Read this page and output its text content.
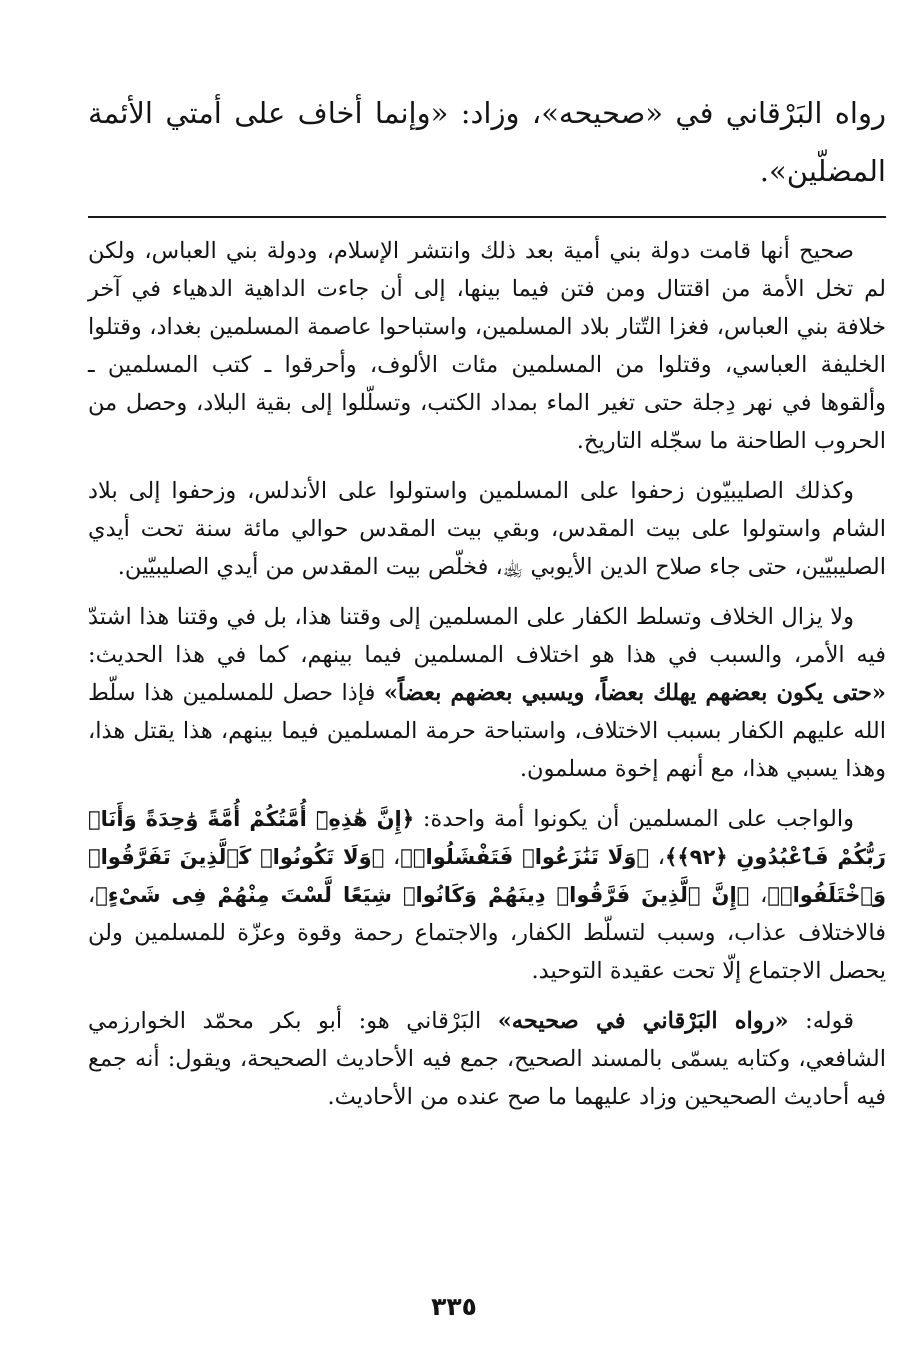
رواه البَرْقاني في «صحيحه»، وزاد: «وإنما أخاف على أمتي الأئمة المضلّين».

صحيح أنها قامت دولة بني أمية بعد ذلك وانتشر الإسلام، ودولة بني العباس، ولكن لم تخل الأمة من اقتتال ومن فتن فيما بينها، إلى أن جاءت الداهية الدهياء في آخر خلافة بني العباس، فغزا التّتار بلاد المسلمين، واستباحوا عاصمة المسلمين بغداد، وقتلوا الخليفة العباسي، وقتلوا من المسلمين مئات الألوف، وأحرقوا ـ كتب المسلمين ـ وألقوها في نهر دِجلة حتى تغير الماء بمداد الكتب، وتسلّلوا إلى بقية البلاد، وحصل من الحروب الطاحنة ما سجّله التاريخ.

وكذلك الصليبيّون زحفوا على المسلمين واستولوا على الأندلس، وزحفوا إلى بلاد الشام واستولوا على بيت المقدس، وبقي بيت المقدس حوالي مائة سنة تحت أيدي الصليبيّين، حتى جاء صلاح الدين الأيوبي ﵀، فخلّص بيت المقدس من أيدي الصليبيّين.

ولا يزال الخلاف وتسلط الكفار على المسلمين إلى وقتنا هذا، بل في وقتنا هذا اشتدّ فيه الأمر، والسبب في هذا هو اختلاف المسلمين فيما بينهم، كما في هذا الحديث: «حتى يكون بعضهم يهلك بعضاً، ويسبي بعضهم بعضاً» فإذا حصل للمسلمين هذا سلّط الله عليهم الكفار بسبب الاختلاف، واستباحة حرمة المسلمين فيما بينهم، هذا يقتل هذا، وهذا يسبي هذا، مع أنهم إخوة مسلمون.

والواجب على المسلمين أن يكونوا أمة واحدة: ﴿إِنَّ هَٰذِهِۦٓ أُمَّتُكُمْ أُمَّةً وَٰحِدَةً وَأَنَا۠ رَبُّكُمْ فَٱعْبُدُونِ ﴿٩٢﴾﴾، ﴿وَلَا تَنَٰزَعُوا۟ فَتَفْشَلُوا۟﴾، ﴿وَلَا تَكُونُوا۟ كَٱلَّذِينَ تَفَرَّقُوا۟ وَٱخْتَلَفُوا۟﴾، ﴿إِنَّ ٱلَّذِينَ فَرَّقُوا۟ دِينَهُمْ وَكَانُوا۟ شِيَعًا لَّسْتَ مِنْهُمْ فِى شَىْءٍ﴾، فالاختلاف عذاب، وسبب لتسلّط الكفار، والاجتماع رحمة وقوة وعزّة للمسلمين ولن يحصل الاجتماع إلّا تحت عقيدة التوحيد.

قوله: «رواه البَرْقاني في صحيحه» البَرْقاني هو: أبو بكر محمّد الخوارزمي الشافعي، وكتابه يسمّى بالمسند الصحيح، جمع فيه الأحاديث الصحيحة، ويقول: أنه جمع فيه أحاديث الصحيحين وزاد عليهما ما صح عنده من الأحاديث.

٣٣٥
